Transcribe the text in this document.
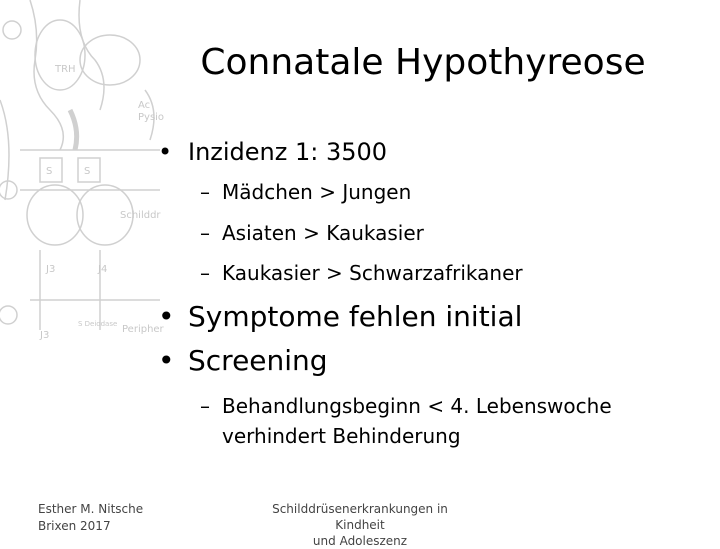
TRH
Ac
Pysio
S	S
Schilddr
J3	J4
J3
S Deiodase Peripher
Connatale Hypothyreose
• Inzidenz 1: 3500
– Mädchen > Jungen
– Asiaten > Kaukasier
– Kaukasier > Schwarzafrikaner
• Symptome fehlen initial
• Screening
– Behandlungsbeginn < 4. Lebenswoche
verhindert Behinderung
Esther M. Nitsche
Brixen 2017
Schilddrüsenerkrankungen in Kindheit
und Adoleszenz
